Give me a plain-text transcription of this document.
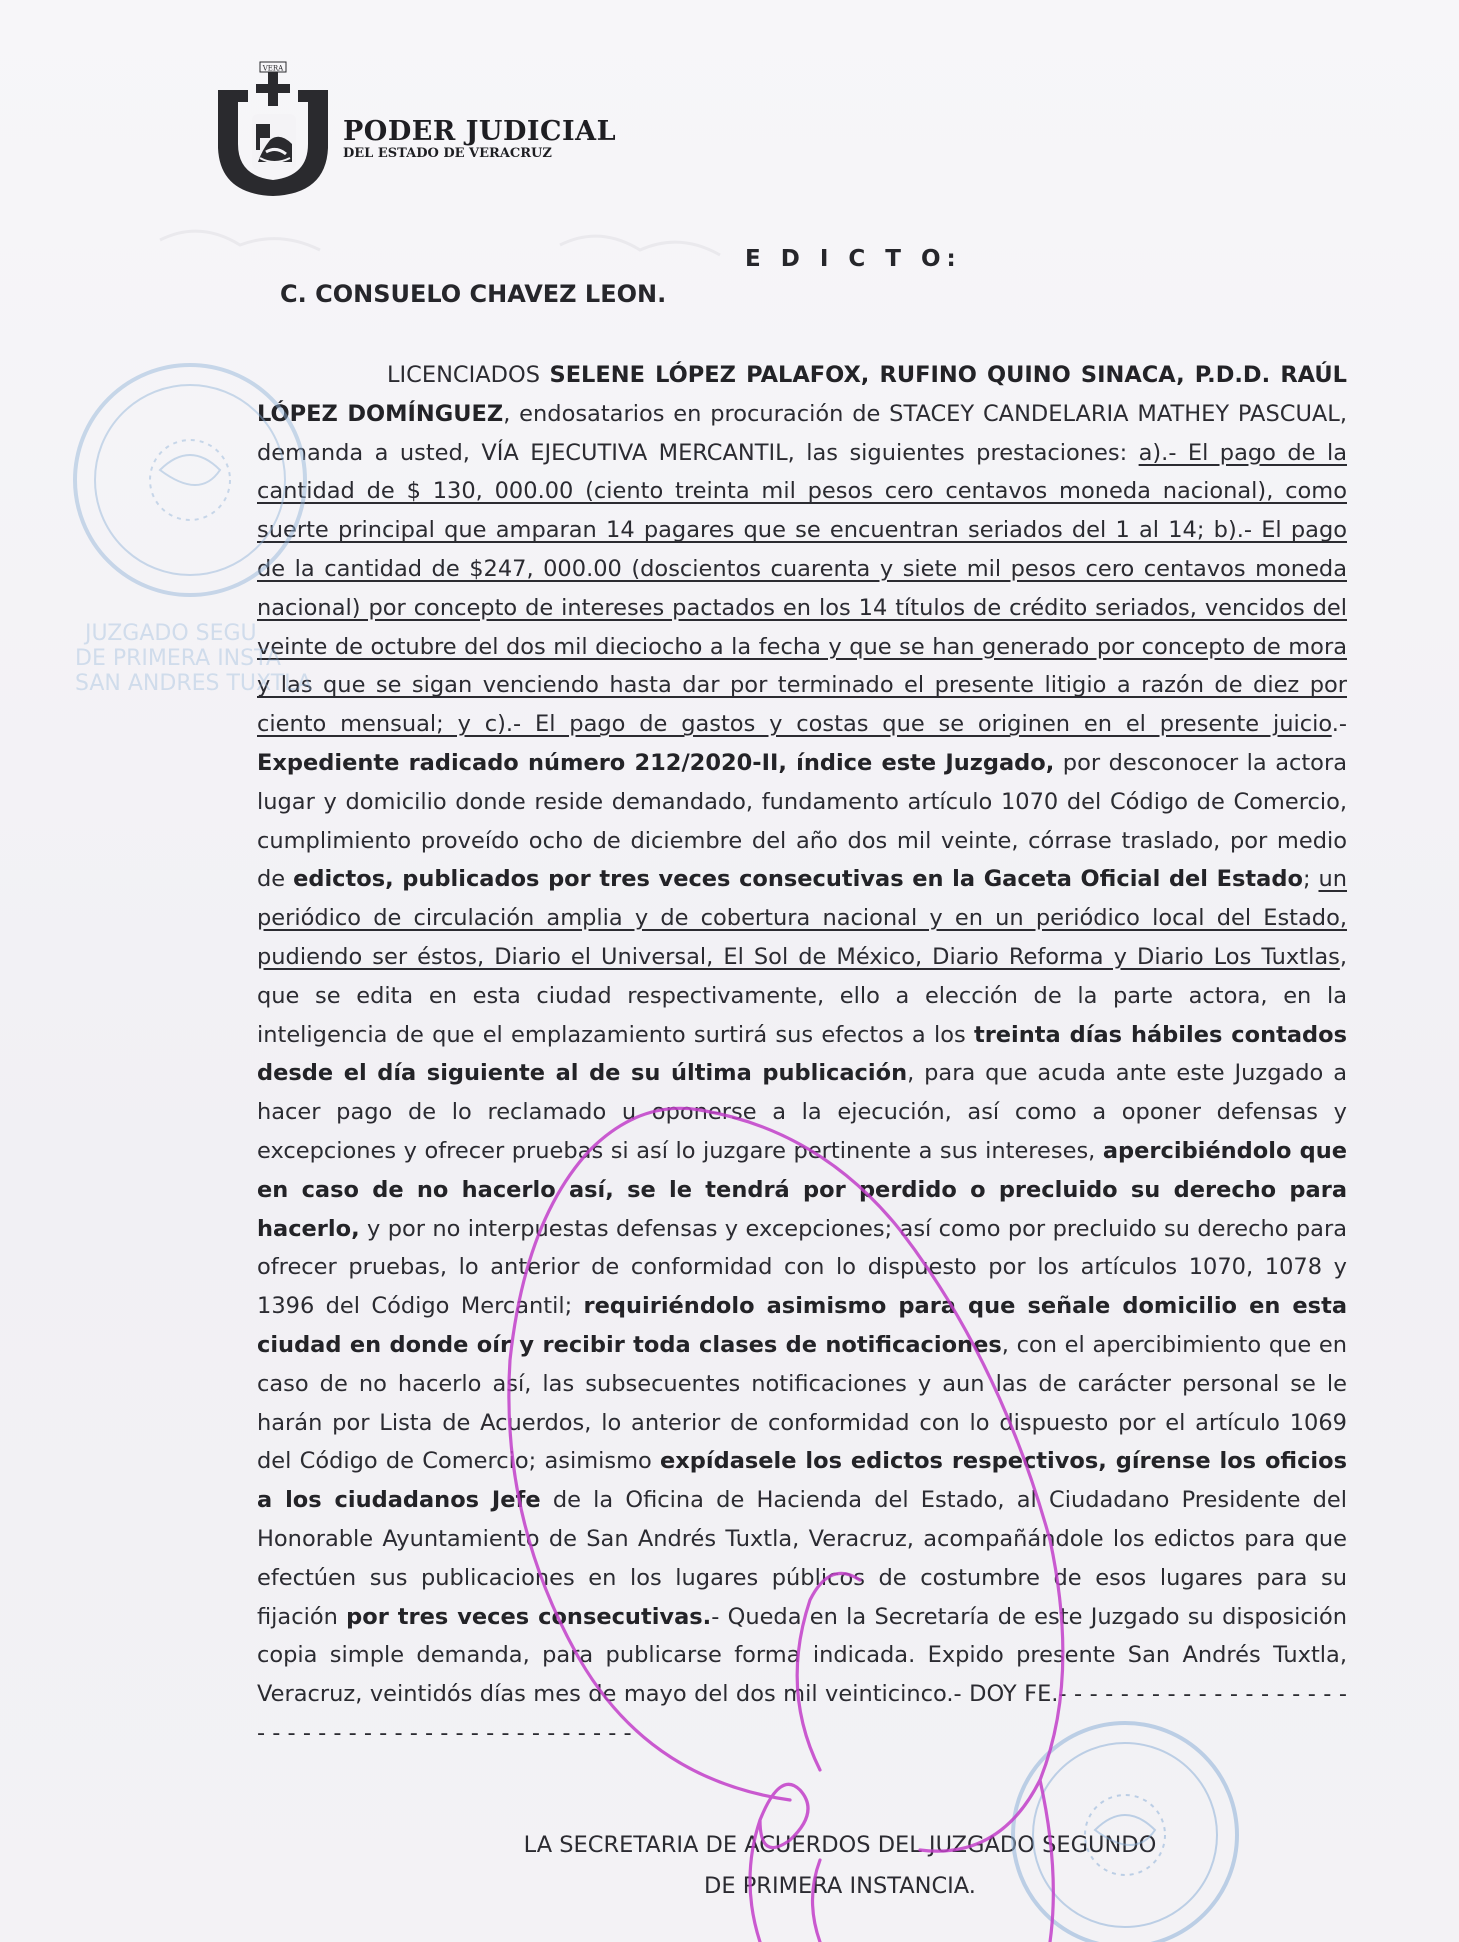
VERA
PODER JUDICIAL
DEL ESTADO DE VERACRUZ
E D I C T O:
C. CONSUELO CHAVEZ LEON.
LICENCIADOS SELENE LÓPEZ PALAFOX, RUFINO QUINO SINACA, P.D.D. RAÚL LÓPEZ DOMÍNGUEZ, endosatarios en procuración de STACEY CANDELARIA MATHEY PASCUAL, demanda a usted, VÍA EJECUTIVA MERCANTIL, las siguientes prestaciones: a).- El pago de la cantidad de $ 130, 000.00 (ciento treinta mil pesos cero centavos moneda nacional), como suerte principal que amparan 14 pagares que se encuentran seriados del 1 al 14; b).- El pago de la cantidad de $247, 000.00 (doscientos cuarenta y siete mil pesos cero centavos moneda nacional) por concepto de intereses pactados en los 14 títulos de crédito seriados, vencidos del veinte de octubre del dos mil dieciocho a la fecha y que se han generado por concepto de mora y las que se sigan venciendo hasta dar por terminado el presente litigio a razón de diez por ciento mensual; y c).- El pago de gastos y costas que se originen en el presente juicio.- Expediente radicado número 212/2020-II, índice este Juzgado, por desconocer la actora lugar y domicilio donde reside demandado, fundamento artículo 1070 del Código de Comercio, cumplimiento proveído ocho de diciembre del año dos mil veinte, córrase traslado, por medio de edictos, publicados por tres veces consecutivas en la Gaceta Oficial del Estado; un periódico de circulación amplia y de cobertura nacional y en un periódico local del Estado, pudiendo ser éstos, Diario el Universal, El Sol de México, Diario Reforma y Diario Los Tuxtlas, que se edita en esta ciudad respectivamente, ello a elección de la parte actora, en la inteligencia de que el emplazamiento surtirá sus efectos a los treinta días hábiles contados desde el día siguiente al de su última publicación, para que acuda ante este Juzgado a hacer pago de lo reclamado u oponerse a la ejecución, así como a oponer defensas y excepciones y ofrecer pruebas si así lo juzgare pertinente a sus intereses, apercibiéndolo que en caso de no hacerlo así, se le tendrá por perdido o precluido su derecho para hacerlo, y por no interpuestas defensas y excepciones; así como por precluido su derecho para ofrecer pruebas, lo anterior de conformidad con lo dispuesto por los artículos 1070, 1078 y 1396 del Código Mercantil; requiriéndolo asimismo para que señale domicilio en esta ciudad en donde oír y recibir toda clases de notificaciones, con el apercibimiento que en caso de no hacerlo así, las subsecuentes notificaciones y aun las de carácter personal se le harán por Lista de Acuerdos, lo anterior de conformidad con lo dispuesto por el artículo 1069 del Código de Comercio; asimismo expídasele los edictos respectivos, gírense los oficios a los ciudadanos Jefe de la Oficina de Hacienda del Estado, al Ciudadano Presidente del Honorable Ayuntamiento de San Andrés Tuxtla, Veracruz, acompañándole los edictos para que efectúen sus publicaciones en los lugares públicos de costumbre de esos lugares para su fijación por tres veces consecutivas.- Queda en la Secretaría de este Juzgado su disposición copia simple demanda, para publicarse forma indicada. Expido presente San Andrés Tuxtla, Veracruz, veintidós días mes de mayo del dos mil veinticinco.- DOY FE.- - - - - - - - - - - - - - - - - - - - - - - - - - - - - - - - - - - - - - - - - - - -
LA SECRETARIA DE ACUERDOS DEL JUZGADO SEGUNDO
DE PRIMERA INSTANCIA.
JUZGADO SEGU
DE PRIMERA INSTA
SAN ANDRES TUXTLA
